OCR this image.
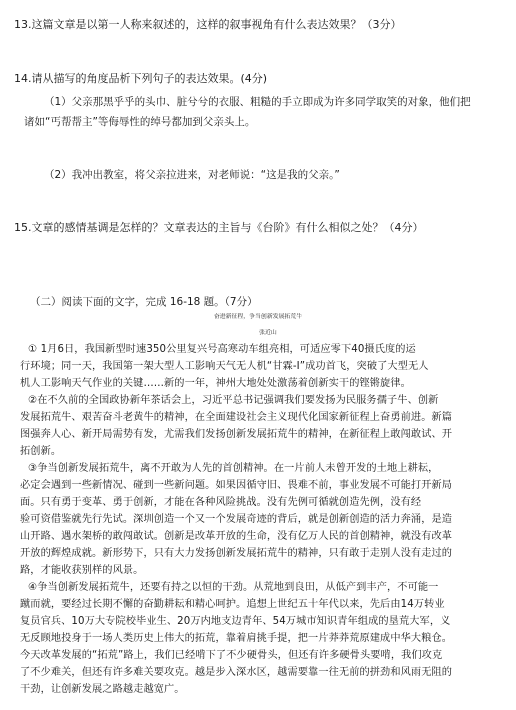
13.这篇文章是以第一人称来叙述的，这样的叙事视角有什么表达效果？（3分）
14.请从描写的角度品析下列句子的表达效果。(4分)
（1）父亲那黑乎乎的头巾、脏兮兮的衣服、粗糙的手立即成为许多同学取笑的对象，他们把
诸如“丐帮帮主”等侮辱性的绰号都加到父亲头上。
（2）我冲出教室，将父亲拉进来，对老师说：“这是我的父亲。”
15.文章的感情基调是怎样的？文章表达的主旨与《台阶》有什么相似之处？（4分）
（二）阅读下面的文字，完成 16-18 题。（7分）
奋进新征程，争当创新发展拓荒牛
张近山
① 1月6日，我国新型时速350公里复兴号高寒动车组亮相，可适应零下40摄氏度的运
行环境；同一天，我国第一架大型人工影响天气无人机“甘霖-Ⅰ”成功首飞，突破了大型无人
机人工影响天气作业的关键……新的一年，神州大地处处激荡着创新实干的铿锵旋律。
②在不久前的全国政协新年茶话会上，习近平总书记强调我们要发扬为民服务孺子牛、创新
发展拓荒牛、艰苦奋斗老黄牛的精神，在全面建设社会主义现代化国家新征程上奋勇前进。新篇
图强奔人心、新开局需势有发，尤需我们发扬创新发展拓荒牛的精神，在新征程上敢闯敢试、开
拓创新。
③争当创新发展拓荒牛，离不开敢为人先的首创精神。在一片前人未曾开发的土地上耕耘，
必定会遇到一些新情况、碰到一些新问题。如果因循守旧、畏难不前，事业发展不可能打开新局
面。只有勇于变革、勇于创新，才能在各种风险挑战。没有先例可循就创造先例，没有经
验可资借鉴就先行先试。深圳创造一个又一个发展奇迹的背后，就是创新创造的活力奔涌，是造
山开路、遇水架桥的敢闯敢试。创新是改革开放的生命，没有亿万人民的首创精神，就没有改革
开放的辉煌成就。新形势下，只有大力发扬创新发展拓荒牛的精神，只有敢于走别人没有走过的
路，才能收获别样的风景。
④争当创新发展拓荒牛，还要有持之以恒的干劲。从荒地到良田，从低产到丰产，不可能一
蹴而就，要经过长期不懈的奋勤耕耘和精心呵护。追想上世纪五十年代以来，先后由14万转业
复员官兵、10万大专院校毕业生、20万内地支边青年、54万城市知识青年组成的垦荒大军，义
无反顾地投身于一场人类历史上伟大的拓荒，靠着肩挑手提，把一片莽莽荒原建成中华大粮仓。
今天改革发展的“拓荒”路上，我们已经啃下了不少硬骨头，但还有许多硬骨头要啃，我们攻克
了不少难关，但还有许多难关要攻克。越是步入深水区，越需要靠一往无前的拼劲和风雨无阻的
干劲，让创新发展之路越走越宽广。
